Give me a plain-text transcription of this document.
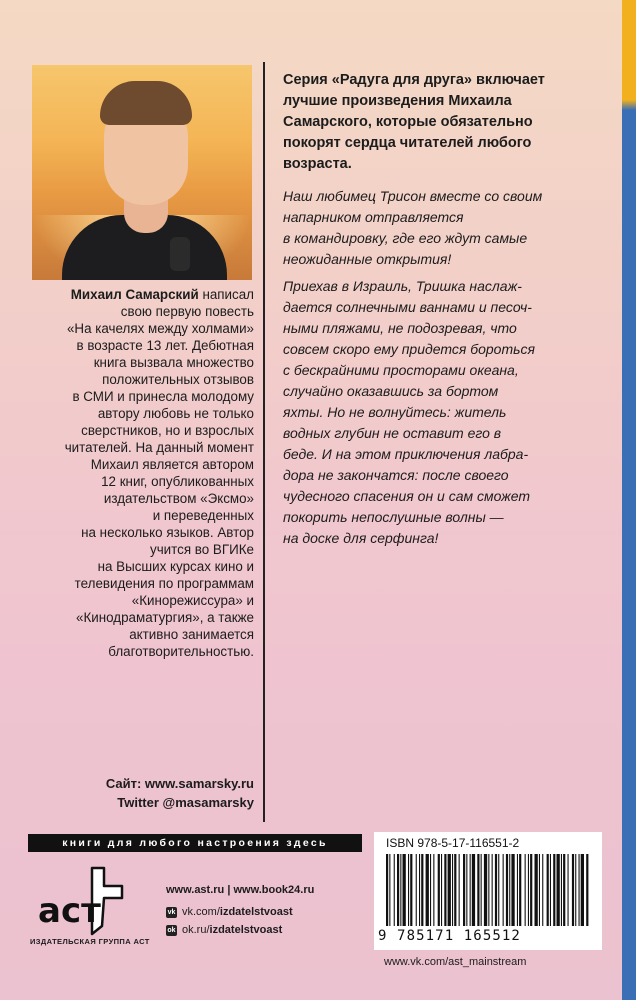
Михаил Самарский написал
свою первую повесть
«На качелях между холмами»
в возрасте 13 лет. Дебютная
книга вызвала множество
положительных отзывов
в СМИ и принесла молодому
автору любовь не только
сверстников, но и взрослых
читателей. На данный момент
Михаил является автором
12 книг, опубликованных
издательством «Эксмо»
и переведенных
на несколько языков. Автор
учится во ВГИКе
на Высших курсах кино и
телевидения по программам
«Кинорежиссура» и
«Кинодраматургия», а также
активно занимается
благотворительностью.
Сайт: www.samarsky.ru
Twitter @masamarsky
Серия «Радуга для друга» включает
лучшие произведения Михаила
Самарского, которые обязательно
покорят сердца читателей любого
возраста.
Наш любимец Трисон вместе со своим
напарником отправляется
в командировку, где его ждут самые
неожиданные открытия!
Приехав в Израиль, Тришка наслаж-
дается солнечными ваннами и песоч-
ными пляжами, не подозревая, что
совсем скоро ему придется бороться
с бескрайними просторами океана,
случайно оказавшись за бортом
яхты. Но не волнуйтесь: житель
водных глубин не оставит его в
беде. И на этом приключения лабра-
дора не закончатся: после своего
чудесного спасения он и сам сможет
покорить непослушные волны —
на доске для серфинга!
книги для любого настроения здесь
аст
ИЗДАТЕЛЬСКАЯ ГРУППА АСТ
www.ast.ru | www.book24.ru
vk vk.com/ izdatelstvoast
ok ok.ru/ izdatelstvoast
ISBN 978-5-17-116551-2
9 785171 165512
www.vk.com/ast_mainstream
